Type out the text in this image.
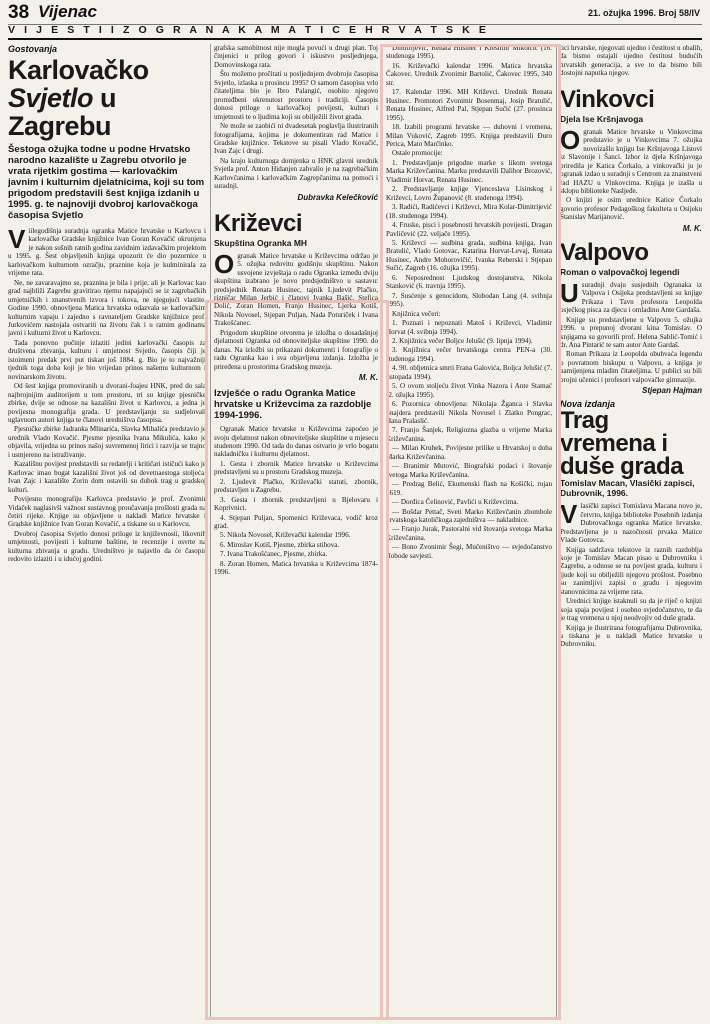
38 Vijenac	21. ožujka 1996. Broj 58/IV
V I J E S T I I Z O G R A N A K A M A T I C E H R V A T S K E
Gostovanja
Karlovačko
Svjetlo u
Zagrebu
Šestoga ožujka todne u podne Hrvatsko narodno kazalište u Zagrebu otvorilo je vrata rijetkim gostima — karlovačkim javnim i kulturnim djelatnicima, koji su tom prigodom predstavili šest knjiga izdanih u 1995. g. te najnoviji dvobroj karlovačkoga časopisa Svjetlo
V iilegodišnja suradnja ogranka Matice hrvatske u Karlovcu i karlovačke Gradske knjižnice Ivan Goran Kovačić okrunjena je nakon sušnih ratnih godina zavidnim izdavačkim projektom u 1995. g. Šest objavljenih knjiga upozorit će dio pozornice u karlovačkom kulturnom ozračju, prazninе koja je kulminirala za vrijeme rata.

Ne, ne zavaravajmo se, praznina je bila i prije, ali je Karlovac kao grad najbliži Zagrebu gravitirao njemu napajajući se iz zagrebačkih umjetničkih i znanstvenih izvora i tokova, ne njegujući vlastite. Godine 1990. obnovljena Matica hrvatska odazvala se karlovačkim kulturnim vapaju i zajedno s ravnateljem Gradske knjižnice prof. Jurkovićem nastojala ostvariti na životu čak i u ratnim godinama javni i kulturni život u Karlovcu.

Tada ponovno počinje izlaziti jedini karlovački časopis za društvena zbivanja, kulturu i umjetnost Svjetlo, časopis čiji je istoimeni predak prvi put tiskan još 1884. g. Bio je to najvažniji tjednik toga doba koji je bio vrijedan prinos našemu kulturnom i novinarskom životu.

Od šest knjiga promoviranih u dvorani-foajeu HNK, pred do sala najbrojnijim auditorijem u tom prostoru, tri su knjige pjesničke zbirke, dvije se odnose na kazališni život u Karlovcu, a jedna je povijesna monografija grada. U predstavljanju su sudjelovali uglavnom autori knjiga te članovi uredništva časopisa.

Pjesničke zbirke Jadranka Mlinarića, Slavka Mihalića predstavio je urednik Vlado Kovačić. Pjesme pjesnika Ivana Mikulića, kako je objavila, vrijedna su prinos našoj suvremenoj lirici i razvija se trajno i usmjereno na istraživanje.

Kazališnu povijest predstavili su redatelji i kritičari ističući kako je Karlovac imao bogat kazališni život još od devetnaestoga stoljeća. Ivan Zajc i kazalište Zorin dom ostavili su dubok trag u gradskoj kulturi.

Povijesnu monografiju Karlovca predstavio je prof. Zvonimir Vidaček naglasivši važnost sustavnog proučavanja prošlosti grada na četiri rijeke. Knjige su objavljene u nakladi Matice hrvatske i Gradske knjižnice Ivan Goran Kovačić, a tiskane su u Karlovcu.

Dvobroj časopisa Svjetlo donosi priloge iz književnosti, likovnih umjetnosti, povijesti i kulturne baštine, te recenzije i osvrte na kulturna zbivanja u gradu. Uredništvo je najavilo da će časopis redovito izlaziti i u idućoj godini.

grafska samobitnost nije mogla povući u drugi plan. Toj činjenici u prilog govori i iskustvo posljednjega, Domovinskoga rata.

Što možemo pročitati u posljednjem dvobroju časopisa Svjetlo, izlaska u prosincu 1995? O samom časopisu vrlo čitateljima bio je Ibro Palangić, osobito njegovo promiđbeni okrenutost prostoru i tradiciji. Časopis donosi priloge o karlovačkoj povijesti, kulturi i umjetnosti te o ljudima koji su obilježili život grada.

Ne može se zaobići ni dvadesetak poglavlja ilustriranih fotografijama, kojima je dokumentiran rad Matice i Gradske knjižnice. Tekstove su pisali Vlado Kovačić, Ivan Zajc i drugi.

Na kraju kulturnoga domjenka u HNK glavni urednik Svjetla prof. Anton Hidanjen zahvalio je na zagrebačkim Karlovčanima i karlovačkim Zagrepčanima na pomoći i suradnji.

Dubravka Kelečković
Križevci
Skupština Ogranka MH
O granak Matice hrvatske u Križevcima održao je 5. ožujka redovitu godišnju skupštinu. Nakon usvojene izvještaja o radu Ogranka između dviju skupština izabrano je novo predsjedništvo u sastavu: predsjednik Renata Husinec, tajnik Ljudevit Plačko, rizničar Milan Jerbić i članovi Ivanka Bašić, Stefica Dolić, Zoran Homen, Franjo Husinec, Ljerka Kotiš, Nikola Novosel, Stjepan Puljan, Nada Poturiček i Ivana Trakošćanec.

Prigodom skupštine otvorena je izložba o dosadašnjoj djelatnosti Ogranka od obnoviteljske skupštine 1990. do danas. Na izložbi su prikazani dokumenti i fotografije o radu Ogranka kao i sva objavljena izdanja. Izložba je priređena u prostorima Gradskog muzeja.

M. K.
Izvješće o radu Ogranka Matice hrvatske u Križevcima za razdoblje 1994-1996.

Ogranak Matice hrvatske u Križevcima zapoćeo je svoju djelatnost nakon obnoviteljske skupštine u mjesecu studenom 1990. Od tada do danas ostvario je vrlo bogatu nakladničku i kulturnu djelatnost.

1. Gesta i zbornik Matice hrvatske u Križevcima predstavljeni su u prostoru Gradskog muzeja.

2. Ljudevit Plačko, Križevački statuti, zbornik, predstavljen u Zagrebu.

3. Gesta i zbornik predstavljeni u Bjelovaru i Koprivnici.

4. Stjepan Puljan, Spomenici Križevaca, vodič kroz grad.

5. Nikola Novosel, Križevački kalendar 1996.

6. Miroslav Kotiš, Pjesme, zbirka stihova.

7. Ivana Trakošćanec, Pjesme, zbirka.

8. Zoran Homen, Matica hrvatska u Križevcima 1874-1996.

Dimitrijević, Renata Husinec i Krešimir Mikolčić (16. studenoga 1995).

16. Križevački kalendar 1996. Matica hrvatska Čakovec. Urednik Zvonimir Bartolić, Čakovec 1995, 340 str.

17. Kalendar 1996. MH Križevci. Urednik Renata Husinec. Promotori Zvonimir Bosenmaj, Josip Bratulić, Renata Husinec, Alfred Pal, Stjepan Sučić (27. prosinca 1995).

18. Izabili programi hrvatske — duhovni i vremena, Milan Vuković, Zagreb 1995. Knjiga predstavili Đuro Perica, Mato Marčinko.

Ostale promocije:

1. Predstavljanje prigodne marke s likom svetoga Marka Križevčanina. Marku predstavili Dalibor Brozović, Vladimir Horvat, Renata Husinec.

2. Predstavljanje knjige Vjenceslava Lisinskog i Križevci, Lovro Županović (8. studenoga 1994).

3. Radići, Radićevci i Križevci, Mira Kolar-Dimitrijević (18. studenoga 1994).

4. Fruske, pisci i posebnosti hrvatskih povijesti, Dragan Pavličević (22. veljače 1995).

5. Križevci — sudbina grada, sudbina knjiga, Ivan Bratulić, Vlado Gotovac, Katarina Horvat-Levaj, Renata Husinec, Andre Mohorovičić, Ivanka Reberski i Stjepan Sučić, Zagreb (16. ožujka 1995).

6. Neposrednost Ljudskog dostojanstva, Nikola Stanković (6. travnja 1995).

7. Susćenje s genocidom, Slobodan Lang (4. svibnja 1995).

Knjižnica večeri:

1. Poznati i nepoznati Matoš i Križevci, Vladimir Horvat (4. svibnja 1994).

2. Knjižnica večer Boljce Jelušić (9. lipnja 1994).

3. Knjižnica večer hrvatskoga centra PEN-a (30. studenoga 1994).

4. 90. obljetnica smrti Frana Galovića, Boljca Jelušić (7. listopada 1994).

5. O ovom stoljeću život Vinka Nazora i Ante Stamać (2. ožujka 1995).

6. Pozornica obnovljena: Nikolaja Žganca i Slavka Šnajdera predstavili Nikola Novosel i Zlatko Pongrac, Hana Pralaslić.

7. Franjo Šanjek, Religiozna glazba u vrijeme Marka Križevčanina.

— Milan Kruhek, Povijesne prilike u Hrvatskoj u doba Marka Križevčanina.

— Branimir Mutović, Biografski podaci i štovanje svetoga Marka Križevčanina.

— Predrag Belić, Ekumenski flash na Košički, rujan 1619.

— Dorđica Čelinović, Pavlići u Križevcima.

— Bošdar Pettač, Sveti Marko Križevčanin zbombole hrvatskoga katoličkoga zajedništva — nakladnice.

— Franjo Jurak, Pastoralni vid štovanja svetoga Marka Križevčanina.

— Bono Zvonimir Šegi, Mučeništvo — svjedočanstvo slobode savjesti.

tici hrvatske, njegovati ujedno i čestitost u obalih, da bismo ostajali ujedno čestitost budućih hrvatskih generacija, a sve to da bismo bili dostojni naputka njegov.

Vinkovci
Djela Ise Kršnjavoga
O granak Matice hrvatske u Vinkovcima predstavio je u Vinkovcima 7. ožujka novoizašlu knjigu Ise Kršnjavoga Listovi iz Slavonije i Šanci. Izbor iz djela Kršnjavoga priredila je Katica Čorkalo, a vinkovački ju je ogranak izdao u suradnji s Centrom za znanstveni rad HAZU u Vinkovcima. Knjiga je izašla u sklopu biblioteke Nasljeđe.

O knjizi je osim urednice Katice Čorkalo govorio profesor Pedagoškog fakulteta u Osijeku Stanislav Marijanović.

M. K.
Valpovo
Roman o valpovačkoj legendi
U suradnji dvaju susjednih Ogranaka iz Valpova i Osijeka predstavljeni su knjige Prikaza i Tavn profesora Leopolda osječkog pisca za djecu i omladinu Ante Gardaša.

Knjige su predstavljene u Valpovu 5. ožujka 1996. u prepunoj dvorani kina Tomislav. O knjigama su govorili prof. Helena Sablić-Tomić i dr. Ana Pintarić te sam autor Ante Gardaš.

Roman Prikaza iz Leopolda obuhvaća legendu o povratnom biskupu u Valpovu, a knjiga je namijenjena mladim čitateljima. U publici su bili brojni učenici i profesori valpovačke gimnazije.

Stjepan Hajman
Nova izdanja
Trag vremena i duše grada
Tomislav Macan, Vlasički zapisci, Dubrovnik, 1996.
V lasički zapisci Tomislava Macana novo je, četvrto, knjiga biblioteke Posebnih izdanja Dubrovačkoga ogranka Matice hrvatske. Predstavljena je u nazočnosti prvaka Matice Vlade Gotovca.

Knjiga sadržava tekstove iz raznih razdoblja koje je Tomislav Macan pisao u Dubrovniku i Zagrebu, a odnose se na povijest grada, kulturu i ljude koji su obilježili njegovu prošlost. Posebno su zanimljivi zapisi o gradu i njegovim stanovnicima za vrijeme rata.

Urednici knjige istaknuli su da je riječ o knjizi koja spaja povijest i osobno svjedočanstvo, te da je trag vremena u njoj neodvojiv od duše grada.

Knjiga je ilustrirana fotografijama Dubrovnika, a tiskana je u nakladi Matice hrvatske u Dubrovniku.
